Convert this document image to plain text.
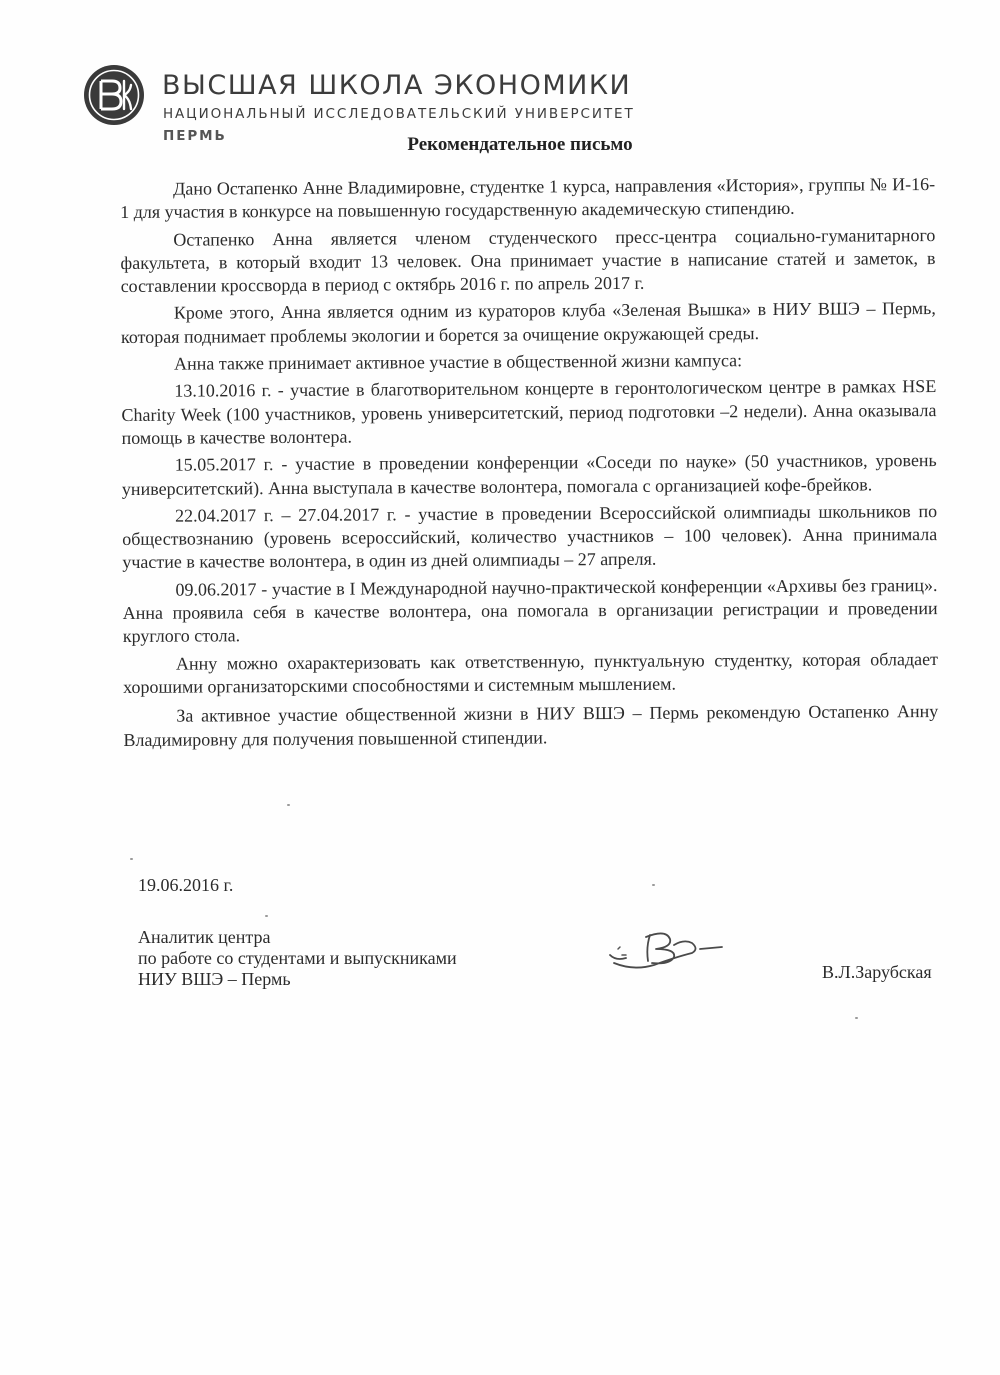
ВЫСШАЯ ШКОЛА ЭКОНОМИКИ
НАЦИОНАЛЬНЫЙ ИССЛЕДОВАТЕЛЬСКИЙ УНИВЕРСИТЕТ
ПЕРМЬ	Рекомендательное письмо

Дано Остапенко Анне Владимировне, студентке 1 курса, направления «История», группы № И-16-1 для участия в конкурсе на повышенную государственную академическую стипендию.

Остапенко Анна является членом студенческого пресс-центра социально-гуманитарного факультета, в который входит 13 человек. Она принимает участие в написание статей и заметок, в составлении кроссворда в период с октябрь 2016 г. по апрель 2017 г.

Кроме этого, Анна является одним из кураторов клуба «Зеленая Вышка» в НИУ ВШЭ – Пермь, которая поднимает проблемы экологии и борется за очищение окружающей среды.

Анна также принимает активное участие в общественной жизни кампуса:

13.10.2016 г. - участие в благотворительном концерте в геронтологическом центре в рамках HSE Charity Week (100 участников, уровень университетский, период подготовки –2 недели). Анна оказывала помощь в качестве волонтера.

15.05.2017 г. - участие в проведении конференции «Соседи по науке» (50 участников, уровень университетский). Анна выступала в качестве волонтера, помогала с организацией кофе-брейков.

22.04.2017 г. – 27.04.2017 г. - участие в проведении Всероссийской олимпиады школьников по обществознанию (уровень всероссийский, количество участников – 100 человек). Анна принимала участие в качестве волонтера, в один из дней олимпиады – 27 апреля.

09.06.2017 - участие в I Международной научно-практической конференции «Архивы без границ». Анна проявила себя в качестве волонтера, она помогала в организации регистрации и проведении круглого стола.

Анну можно охарактеризовать как ответственную, пунктуальную студентку, которая обладает хорошими организаторскими способностями и системным мышлением.

За активное участие общественной жизни в НИУ ВШЭ – Пермь рекомендую Остапенко Анну Владимировну для получения повышенной стипендии.

19.06.2016 г.
Аналитик центра
по работе со студентами и выпускниками
НИУ ВШЭ – Пермь	В.Л.Зарубская
